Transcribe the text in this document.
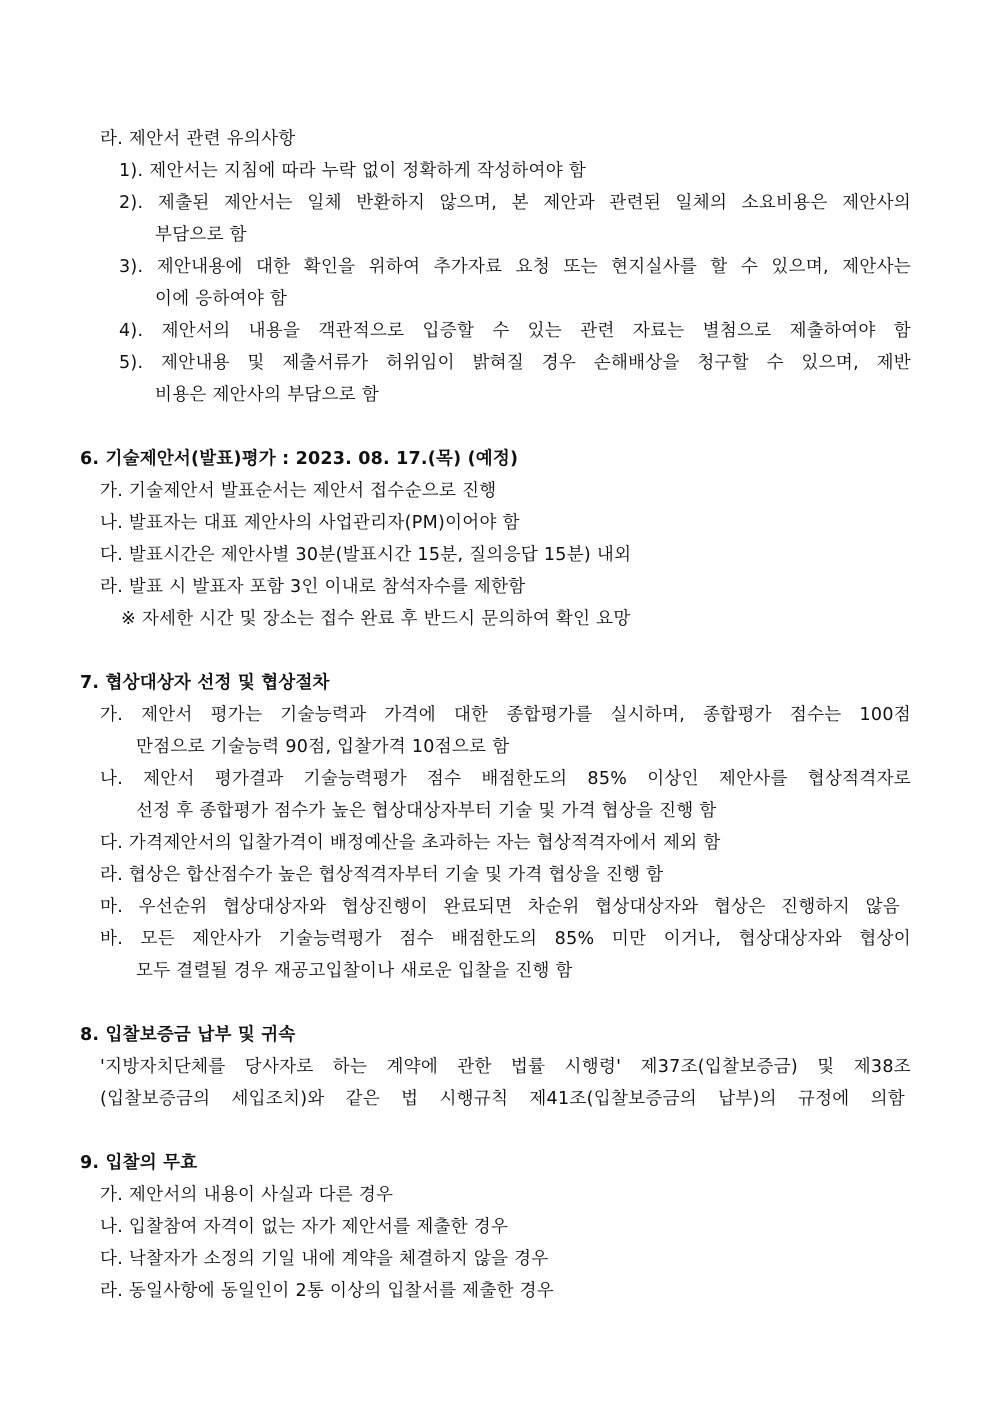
라. 제안서 관련 유의사항
1). 제안서는 지침에 따라 누락 없이 정확하게 작성하여야 함
2). 제출된 제안서는 일체 반환하지 않으며, 본 제안과 관련된 일체의 소요비용은 제안사의
부담으로 함
3). 제안내용에 대한 확인을 위하여 추가자료 요청 또는 현지실사를 할 수 있으며, 제안사는
이에 응하여야 함
4). 제안서의 내용을 객관적으로 입증할 수 있는 관련 자료는 별첨으로 제출하여야 함
5). 제안내용 및 제출서류가 허위임이 밝혀질 경우 손해배상을 청구할 수 있으며, 제반
비용은 제안사의 부담으로 함
6. 기술제안서(발표)평가 : 2023. 08. 17.(목) (예정)
가. 기술제안서 발표순서는 제안서 접수순으로 진행
나. 발표자는 대표 제안사의 사업관리자(PM)이어야 함
다. 발표시간은 제안사별 30분(발표시간 15분, 질의응답 15분) 내외
라. 발표 시 발표자 포함 3인 이내로 참석자수를 제한함
※ 자세한 시간 및 장소는 접수 완료 후 반드시 문의하여 확인 요망
7. 협상대상자 선정 및 협상절차
가. 제안서 평가는 기술능력과 가격에 대한 종합평가를 실시하며, 종합평가 점수는 100점
만점으로 기술능력 90점, 입찰가격 10점으로 함
나. 제안서 평가결과 기술능력평가 점수 배점한도의 85% 이상인 제안사를 협상적격자로
선정 후 종합평가 점수가 높은 협상대상자부터 기술 및 가격 협상을 진행 함
다. 가격제안서의 입찰가격이 배정예산을 초과하는 자는 협상적격자에서 제외 함
라. 협상은 합산점수가 높은 협상적격자부터 기술 및 가격 협상을 진행 함
마. 우선순위 협상대상자와 협상진행이 완료되면 차순위 협상대상자와 협상은 진행하지 않음
바. 모든 제안사가 기술능력평가 점수 배점한도의 85% 미만 이거나, 협상대상자와 협상이
모두 결렬될 경우 재공고입찰이나 새로운 입찰을 진행 함
8. 입찰보증금 납부 및 귀속
'지방자치단체를 당사자로 하는 계약에 관한 법률 시행령' 제37조(입찰보증금) 및 제38조
(입찰보증금의 세입조치)와 같은 법 시행규칙 제41조(입찰보증금의 납부)의 규정에 의함
9. 입찰의 무효
가. 제안서의 내용이 사실과 다른 경우
나. 입찰참여 자격이 없는 자가 제안서를 제출한 경우
다. 낙찰자가 소정의 기일 내에 계약을 체결하지 않을 경우
라. 동일사항에 동일인이 2통 이상의 입찰서를 제출한 경우
